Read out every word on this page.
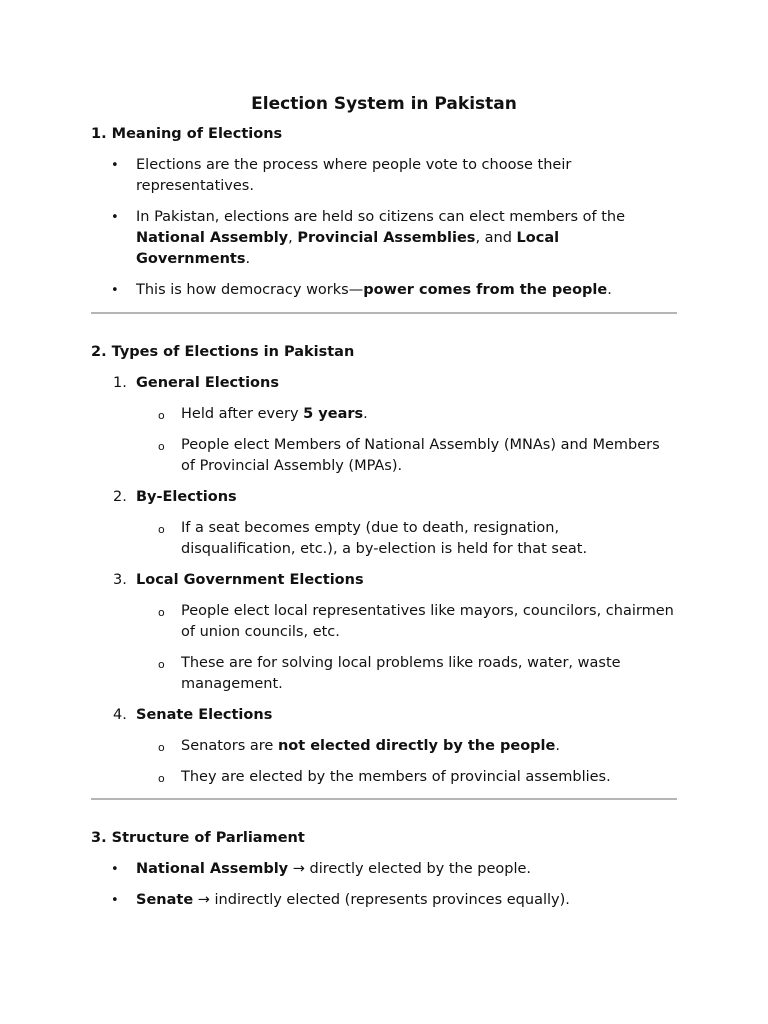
Election System in Pakistan
1. Meaning of Elections
• Elections are the process where people vote to choose their representatives.
• In Pakistan, elections are held so citizens can elect members of the National Assembly, Provincial Assemblies, and Local Governments.
• This is how democracy works—power comes from the people.
2. Types of Elections in Pakistan
1. General Elections
o Held after every 5 years.
o People elect Members of National Assembly (MNAs) and Members of Provincial Assembly (MPAs).
2. By-Elections
o If a seat becomes empty (due to death, resignation, disqualification, etc.), a by-election is held for that seat.
3. Local Government Elections
o People elect local representatives like mayors, councilors, chairmen of union councils, etc.
o These are for solving local problems like roads, water, waste management.
4. Senate Elections
o Senators are not elected directly by the people.
o They are elected by the members of provincial assemblies.
3. Structure of Parliament
• National Assembly → directly elected by the people.
• Senate → indirectly elected (represents provinces equally).
